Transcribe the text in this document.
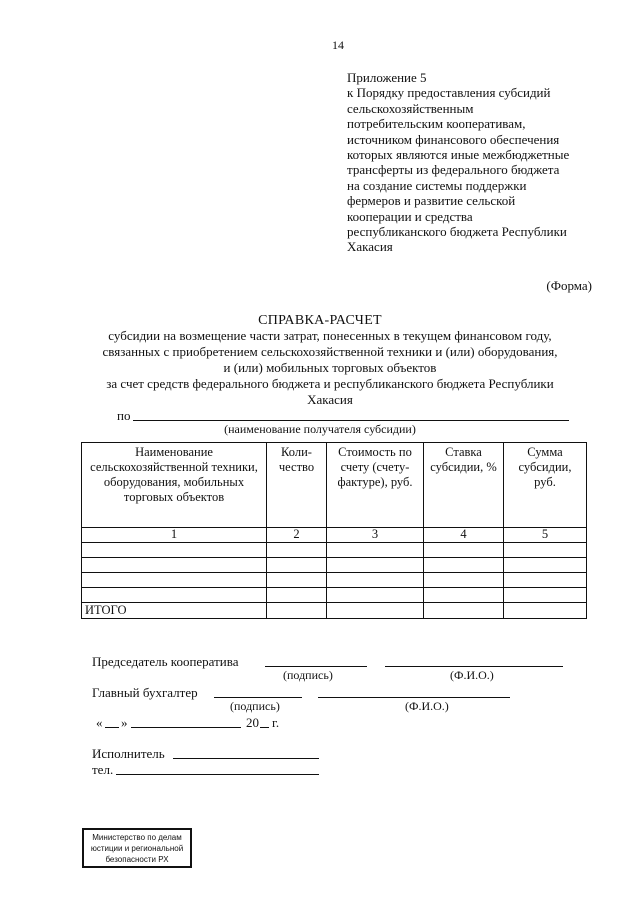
14
Приложение 5
к Порядку предоставления субсидий
сельскохозяйственным
потребительским кооперативам,
источником финансового обеспечения
которых являются иные межбюджетные
трансферты из федерального бюджета
на создание системы поддержки
фермеров и развитие сельской
кооперации и средства
республиканского бюджета Республики
Хакасия
(Форма)
СПРАВКА-РАСЧЕТ
субсидии на возмещение части затрат, понесенных в текущем финансовом году,
связанных с приобретением сельскохозяйственной техники и (или) оборудования,
и (или) мобильных торговых объектов
за счет средств федерального бюджета и республиканского бюджета Республики
Хакасия
по
(наименование получателя субсидии)
Наименование сельскохозяйственной техники, оборудования, мобильных торговых объектов	Коли-чество	Стоимость по счету (счету-фактуре), руб.	Ставка субсидии, %	Сумма субсидии, руб.
1	2	3	4	5

ИТОГО				
Председатель кооператива
(подпись)	(Ф.И.О.)
Главный бухгалтер
(подпись)	(Ф.И.О.)
« »	20 г.
Исполнитель
тел.
Министерство по делам
юстиции и региональной
безопасности РХ
